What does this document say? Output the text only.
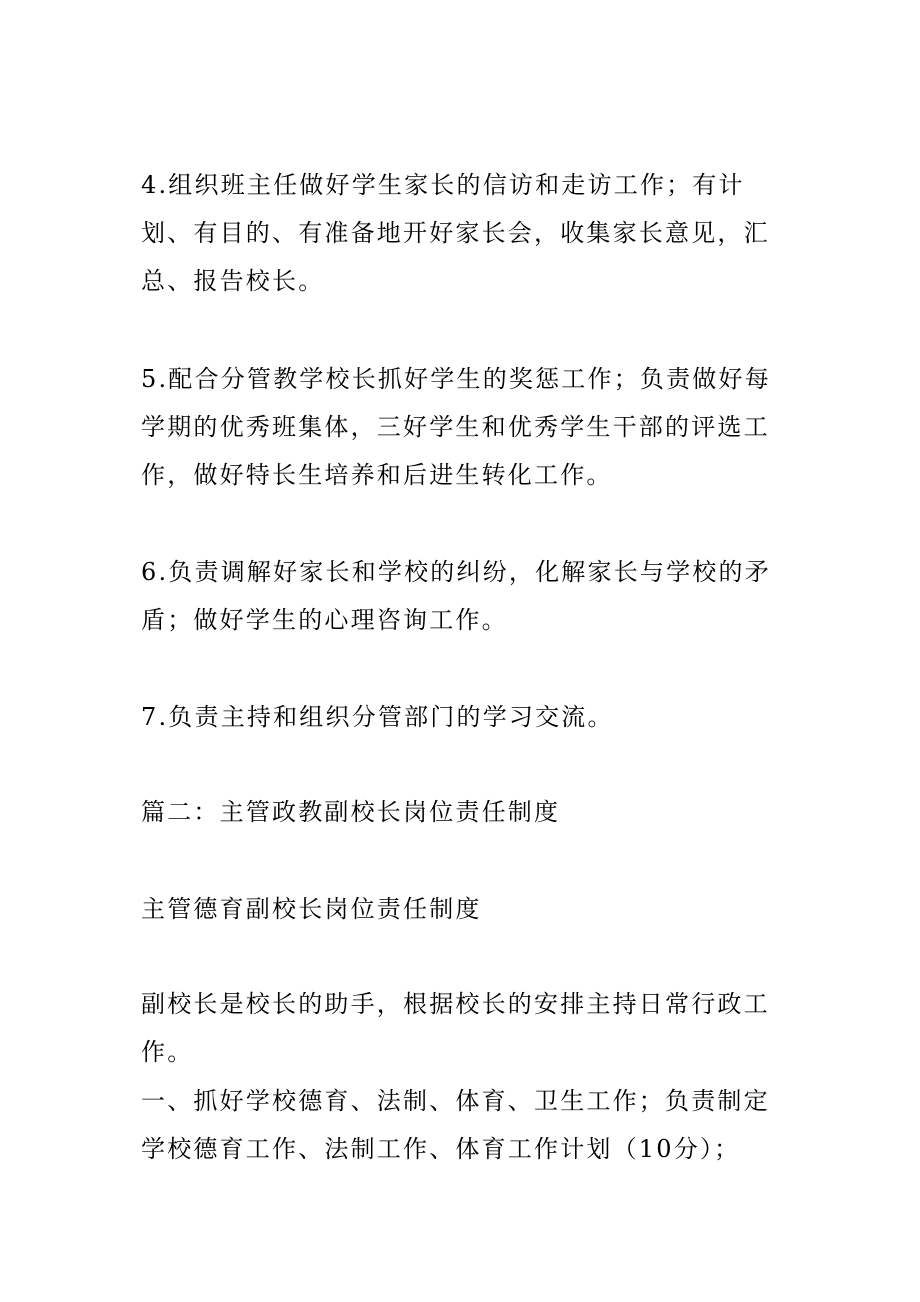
4.组织班主任做好学生家长的信访和走访工作；有计划、有目的、有准备地开好家长会，收集家长意见，汇总、报告校长。

5.配合分管教学校长抓好学生的奖惩工作；负责做好每学期的优秀班集体，三好学生和优秀学生干部的评选工作，做好特长生培养和后进生转化工作。

6.负责调解好家长和学校的纠纷，化解家长与学校的矛盾；做好学生的心理咨询工作。

7.负责主持和组织分管部门的学习交流。

篇二：主管政教副校长岗位责任制度

主管德育副校长岗位责任制度

副校长是校长的助手，根据校长的安排主持日常行政工作。

一、抓好学校德育、法制、体育、卫生工作；负责制定学校德育工作、法制工作、体育工作计划（10分）；
